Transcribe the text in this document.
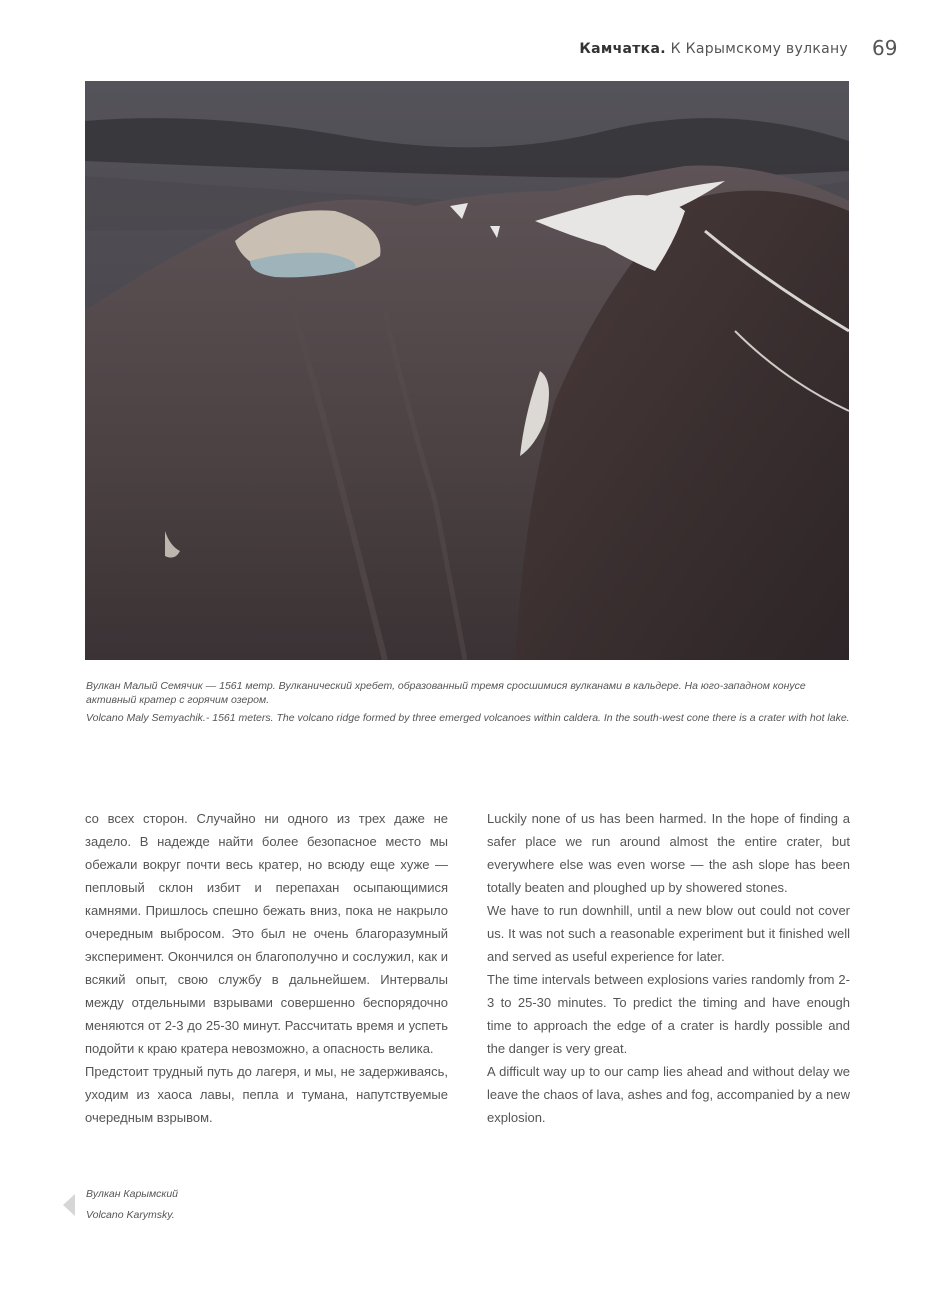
Камчатка. К Карымскому вулкану 69

Вулкан Малый Семячик — 1561 метр. Вулканический хребет, образованный тремя сросшимися вулканами в кальдере. На юго-западном конусе активный кратер с горячим озером.

Volcano Maly Semyachik.- 1561 meters. The volcano ridge formed by three emerged volcanoes within caldera. In the south-west cone there is a crater with hot lake.

со всех сторон. Случайно ни одного из трех даже не задело. В надежде найти более безопасное место мы обежали вокруг почти весь кратер, но всюду еще хуже — пепловый склон избит и перепахан осыпающимися камнями. Пришлось спешно бежать вниз, пока не накрыло очередным выбросом. Это был не очень благоразумный эксперимент. Окончился он благополучно и сослужил, как и всякий опыт, свою службу в дальнейшем. Интервалы между отдельными взрывами совершенно беспорядочно меняются от 2-3 до 25-30 минут. Рассчитать время и успеть подойти к краю кратера невозможно, а опасность велика.

Предстоит трудный путь до лагеря, и мы, не задерживаясь, уходим из хаоса лавы, пепла и тумана, напутствуемые очередным взрывом.

Luckily none of us has been harmed. In the hope of finding a safer place we run around almost the entire crater, but everywhere else was even worse — the ash slope has been totally beaten and ploughed up by showered stones.

We have to run downhill, until a new blow out could not cover us. It was not such a reasonable experiment but it finished well and served as useful experience for later.

The time intervals between explosions varies randomly from 2-3 to 25-30 minutes. To predict the timing and have enough time to approach the edge of a crater is hardly possible and the danger is very great.

A difficult way up to our camp lies ahead and without delay we leave the chaos of lava, ashes and fog, accompanied by a new explosion.

Вулкан Карымский

Volcano Karymsky.
